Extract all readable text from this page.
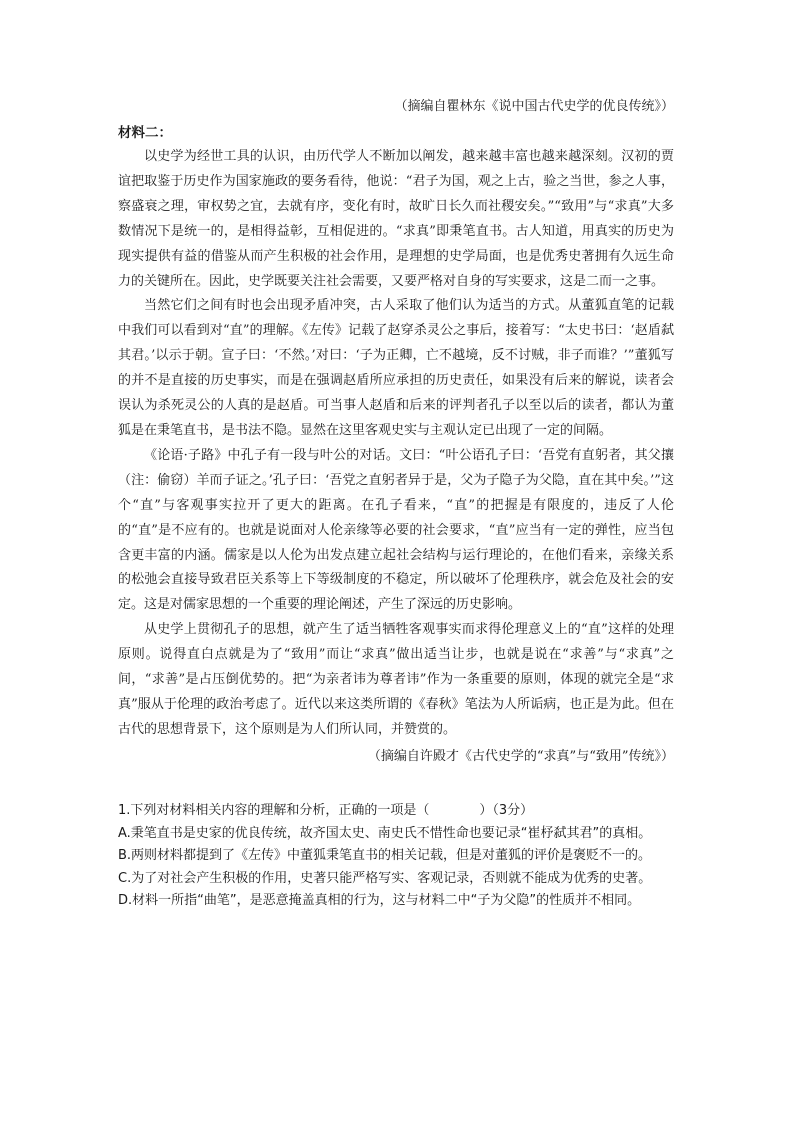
（摘编自瞿林东《说中国古代史学的优良传统》）
材料二：

以史学为经世工具的认识，由历代学人不断加以阐发，越来越丰富也越来越深刻。汉初的贾谊把取鉴于历史作为国家施政的要务看待，他说：“君子为国，观之上古，验之当世，参之人事，察盛衰之理，审权势之宜，去就有序，变化有时，故旷日长久而社稷安矣。”“致用”与“求真”大多数情况下是统一的，是相得益彰，互相促进的。“求真”即秉笔直书。古人知道，用真实的历史为现实提供有益的借鉴从而产生积极的社会作用，是理想的史学局面，也是优秀史著拥有久远生命力的关键所在。因此，史学既要关注社会需要，又要严格对自身的写实要求，这是二而一之事。

当然它们之间有时也会出现矛盾冲突，古人采取了他们认为适当的方式。从董狐直笔的记载中我们可以看到对“直”的理解。《左传》记载了赵穿杀灵公之事后，接着写：“太史书曰：‘赵盾弑其君。’以示于朝。宣子曰：‘不然。’对曰：‘子为正卿，亡不越境，反不讨贼，非子而谁？’”董狐写的并不是直接的历史事实，而是在强调赵盾所应承担的历史责任，如果没有后来的解说，读者会误认为杀死灵公的人真的是赵盾。可当事人赵盾和后来的评判者孔子以至以后的读者，都认为董狐是在秉笔直书，是书法不隐。显然在这里客观史实与主观认定已出现了一定的间隔。

《论语·子路》中孔子有一段与叶公的对话。文曰：“叶公语孔子曰：‘吾党有直躬者，其父攘（注：偷窃）羊而子证之。’孔子曰：‘吾党之直躬者异于是，父为子隐子为父隐，直在其中矣。’”这个“直”与客观事实拉开了更大的距离。在孔子看来，“直”的把握是有限度的，违反了人伦的“直”是不应有的。也就是说面对人伦亲缘等必要的社会要求，“直”应当有一定的弹性，应当包含更丰富的内涵。儒家是以人伦为出发点建立起社会结构与运行理论的，在他们看来，亲缘关系的松弛会直接导致君臣关系等上下等级制度的不稳定，所以破坏了伦理秩序，就会危及社会的安定。这是对儒家思想的一个重要的理论阐述，产生了深远的历史影响。

从史学上贯彻孔子的思想，就产生了适当牺牲客观事实而求得伦理意义上的“直”这样的处理原则。说得直白点就是为了“致用”而让“求真”做出适当让步，也就是说在“求善”与“求真”之间，“求善”是占压倒优势的。把“为亲者讳为尊者讳”作为一条重要的原则，体现的就完全是“求真”服从于伦理的政治考虑了。近代以来这类所谓的《春秋》笔法为人所诟病，也正是为此。但在古代的思想背景下，这个原则是为人们所认同，并赞赏的。

（摘编自许殿才《古代史学的“求真”与“致用”传统》）
1.下列对材料相关内容的理解和分析，正确的一项是（	）（3分）
A.秉笔直书是史家的优良传统，故齐国太史、南史氏不惜性命也要记录“崔杼弑其君”的真相。
B.两则材料都提到了《左传》中董狐秉笔直书的相关记载，但是对董狐的评价是褒贬不一的。
C.为了对社会产生积极的作用，史著只能严格写实、客观记录，否则就不能成为优秀的史著。
D.材料一所指“曲笔”，是恶意掩盖真相的行为，这与材料二中“子为父隐”的性质并不相同。
